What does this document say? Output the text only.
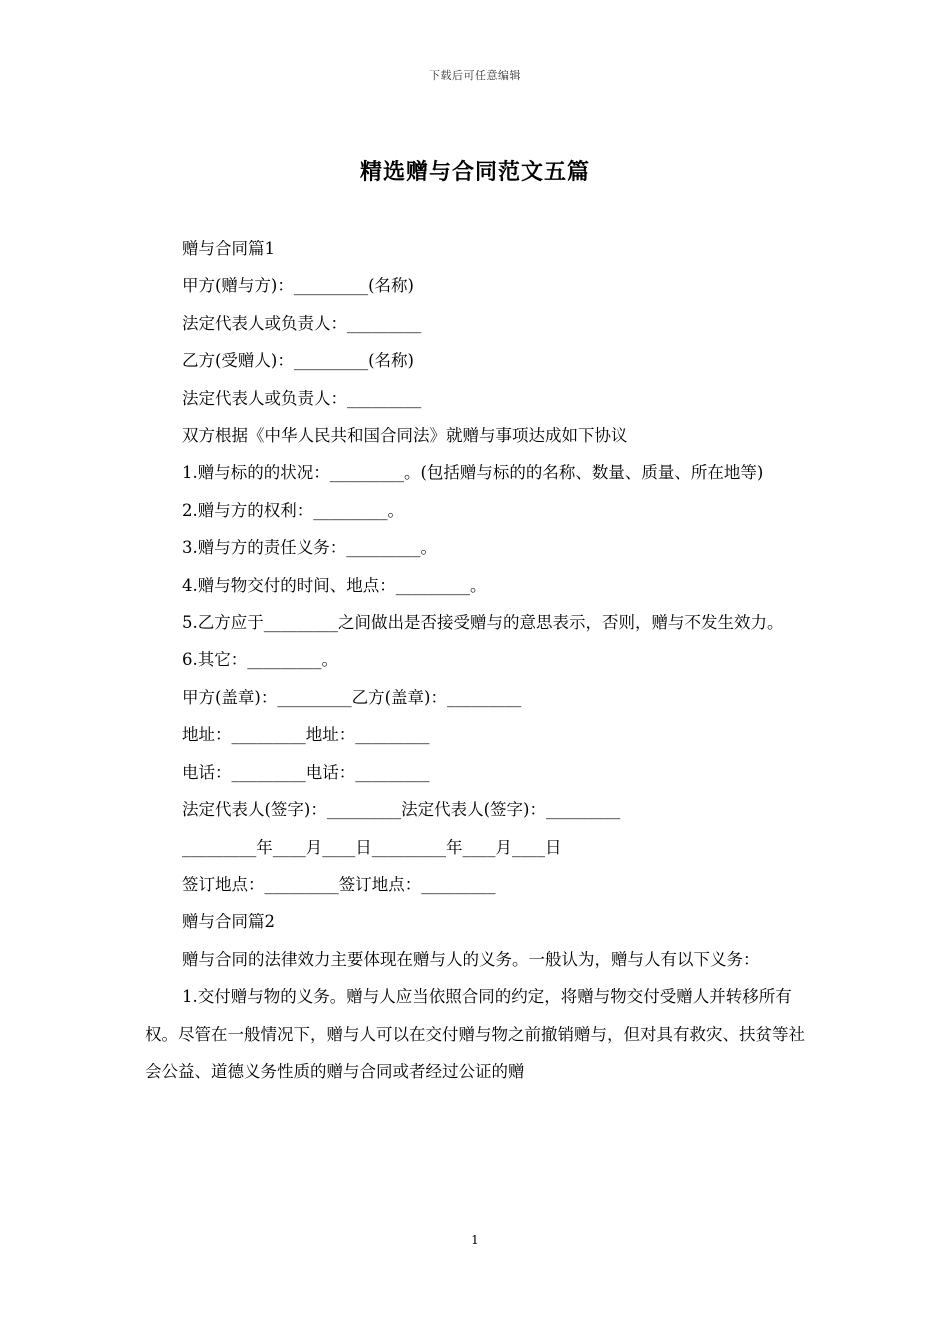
下载后可任意编辑
精选赠与合同范文五篇

赠与合同篇1

甲方(赠与方)：_________(名称)

法定代表人或负责人：_________

乙方(受赠人)：_________(名称)

法定代表人或负责人：_________

双方根据《中华人民共和国合同法》就赠与事项达成如下协议

1.赠与标的的状况：_________。(包括赠与标的的名称、数量、质量、所在地等)

2.赠与方的权利：_________。

3.赠与方的责任义务：_________。

4.赠与物交付的时间、地点：_________。

5.乙方应于_________之间做出是否接受赠与的意思表示，否则，赠与不发生效力。

6.其它：_________。

甲方(盖章)：_________乙方(盖章)：_________

地址：_________地址：_________

电话：_________电话：_________

法定代表人(签字)：_________法定代表人(签字)：_________

_________年____月____日_________年____月____日

签订地点：_________签订地点：_________

赠与合同篇2

赠与合同的法律效力主要体现在赠与人的义务。一般认为，赠与人有以下义务：

1.交付赠与物的义务。赠与人应当依照合同的约定，将赠与物交付受赠人并转移所有权。尽管在一般情况下，赠与人可以在交付赠与物之前撤销赠与，但对具有救灾、扶贫等社会公益、道德义务性质的赠与合同或者经过公证的赠

1
